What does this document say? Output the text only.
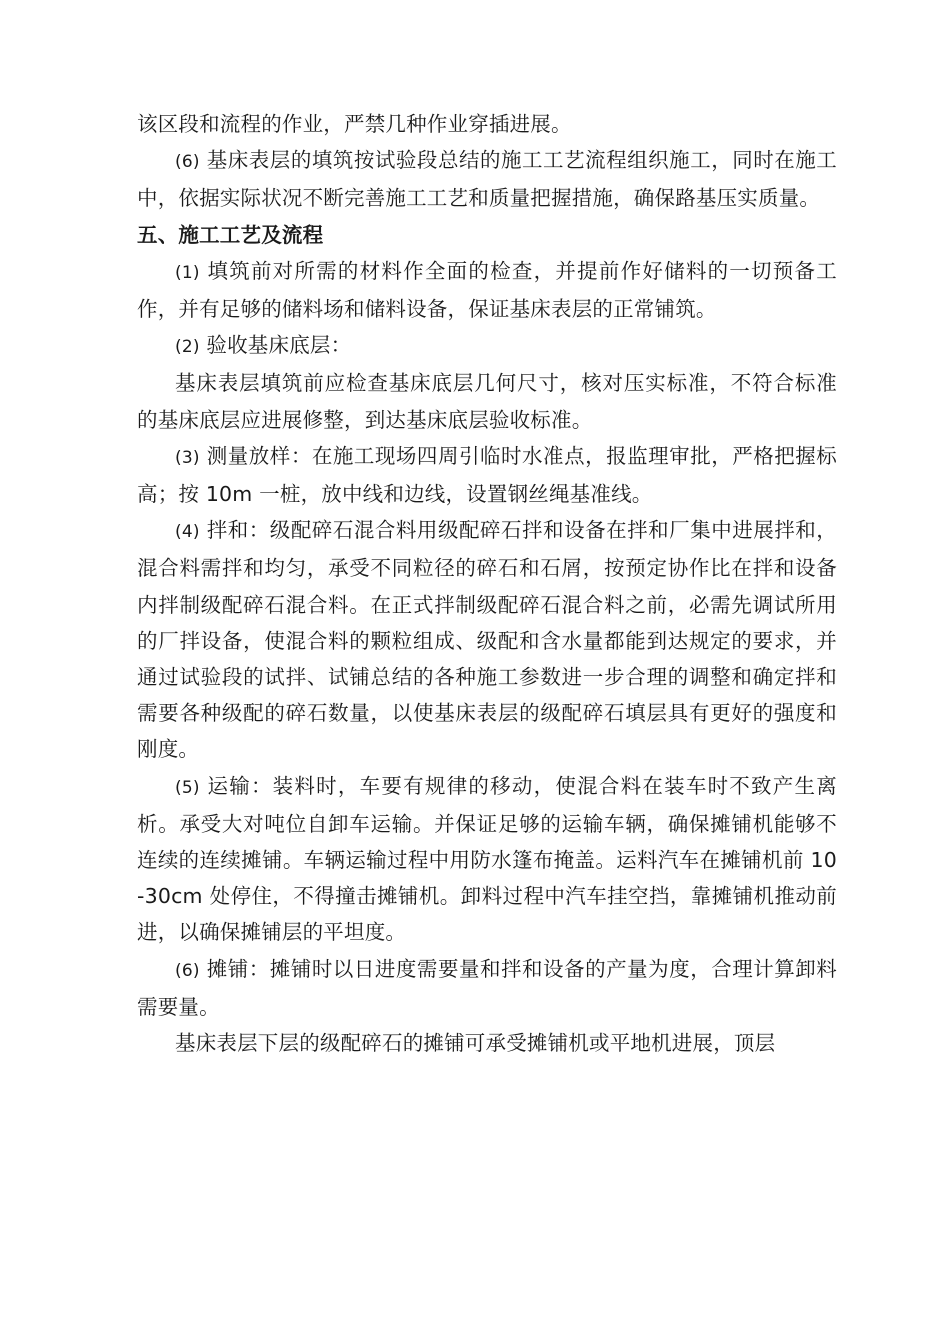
该区段和流程的作业，严禁几种作业穿插进展。

(6) 基床表层的填筑按试验段总结的施工工艺流程组织施工，同时在施工中，依据实际状况不断完善施工工艺和质量把握措施，确保路基压实质量。

五、施工工艺及流程

(1) 填筑前对所需的材料作全面的检查，并提前作好储料的一切预备工作，并有足够的储料场和储料设备，保证基床表层的正常铺筑。

(2) 验收基床底层：

基床表层填筑前应检查基床底层几何尺寸，核对压实标准，不符合标准的基床底层应进展修整，到达基床底层验收标准。

(3) 测量放样：在施工现场四周引临时水准点，报监理审批，严格把握标高；按 10m 一桩，放中线和边线，设置钢丝绳基准线。

(4) 拌和：级配碎石混合料用级配碎石拌和设备在拌和厂集中进展拌和，混合料需拌和均匀，承受不同粒径的碎石和石屑，按预定协作比在拌和设备内拌制级配碎石混合料。在正式拌制级配碎石混合料之前，必需先调试所用的厂拌设备，使混合料的颗粒组成、级配和含水量都能到达规定的要求，并通过试验段的试拌、试铺总结的各种施工参数进一步合理的调整和确定拌和需要各种级配的碎石数量，以使基床表层的级配碎石填层具有更好的强度和刚度。

(5) 运输：装料时，车要有规律的移动，使混合料在装车时不致产生离析。承受大对吨位自卸车运输。并保证足够的运输车辆，确保摊铺机能够不连续的连续摊铺。车辆运输过程中用防水篷布掩盖。运料汽车在摊铺机前 10-30cm 处停住，不得撞击摊铺机。卸料过程中汽车挂空挡，靠摊铺机推动前进，以确保摊铺层的平坦度。

(6) 摊铺：摊铺时以日进度需要量和拌和设备的产量为度，合理计算卸料需要量。

基床表层下层的级配碎石的摊铺可承受摊铺机或平地机进展，顶层
